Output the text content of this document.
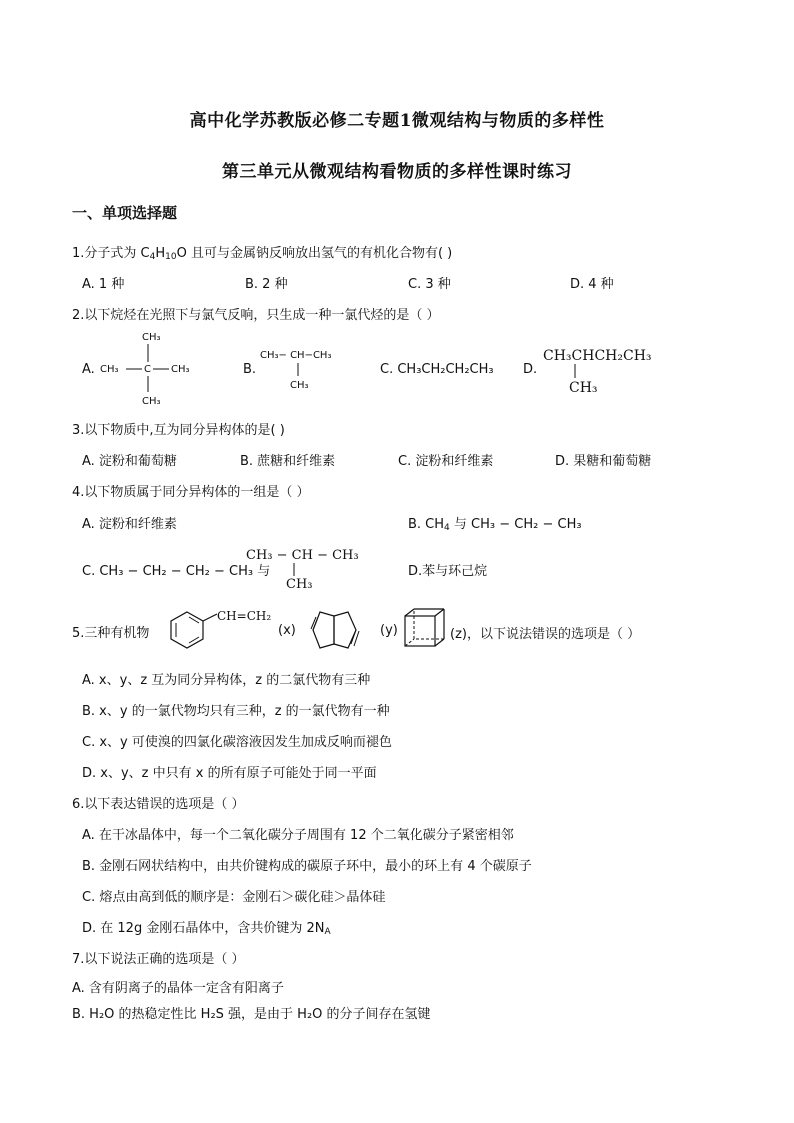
高中化学苏教版必修二专题1微观结构与物质的多样性
第三单元从微观结构看物质的多样性课时练习
一、单项选择题
1.分子式为 $C_4H_{10}O$ 且可与金属钠反响放出氢气的有机化合物有( )
A. 1 种	B. 2 种	C. 3 种	D. 4 种
2.以下烷烃在光照下与氯气反响，只生成一种一氯代烃的是（ ）
A.
CH₃
CH₃	C CH₃
CH₃
B.
CH₃− CH−CH₃
CH₃
C. CH₃CH₂CH₂CH₃ D.
CH₃CHCH₂CH₃
CH₃
3.以下物质中,互为同分异构体的是( )
A. 淀粉和葡萄糖	B. 蔗糖和纤维素	C. 淀粉和纤维素	D. 果糖和葡萄糖
4.以下物质属于同分异构体的一组是（ ）
A. 淀粉和纤维素	B. $CH_4$ 与 CH₃ − CH₂ − CH₃
C. CH₃ − CH₂ − CH₂ − CH₃ 与
CH₃ − CH − CH₃
CH₃
D.苯与环己烷
5.三种有机物
CH=CH₂
(x)	(y)	(z)，以下说法错误的选项是（ ）
A. x、y、z 互为同分异构体，z 的二氯代物有三种
B. x、y 的一氯代物均只有三种，z 的一氯代物有一种
C. x、y 可使溴的四氯化碳溶液因发生加成反响而褪色
D. x、y、z 中只有 x 的所有原子可能处于同一平面
6.以下表达错误的选项是（ ）
A. 在干冰晶体中，每一个二氧化碳分子周围有 12 个二氧化碳分子紧密相邻
B. 金刚石网状结构中，由共价键构成的碳原子环中，最小的环上有 4 个碳原子
C. 熔点由高到低的顺序是：金刚石＞碳化硅＞晶体硅
D. 在 12g 金刚石晶体中，含共价键为 $2N_A$
7.以下说法正确的选项是（ ）
A. 含有阴离子的晶体一定含有阳离子
B. H₂O 的热稳定性比 H₂S 强，是由于 H₂O 的分子间存在氢键
